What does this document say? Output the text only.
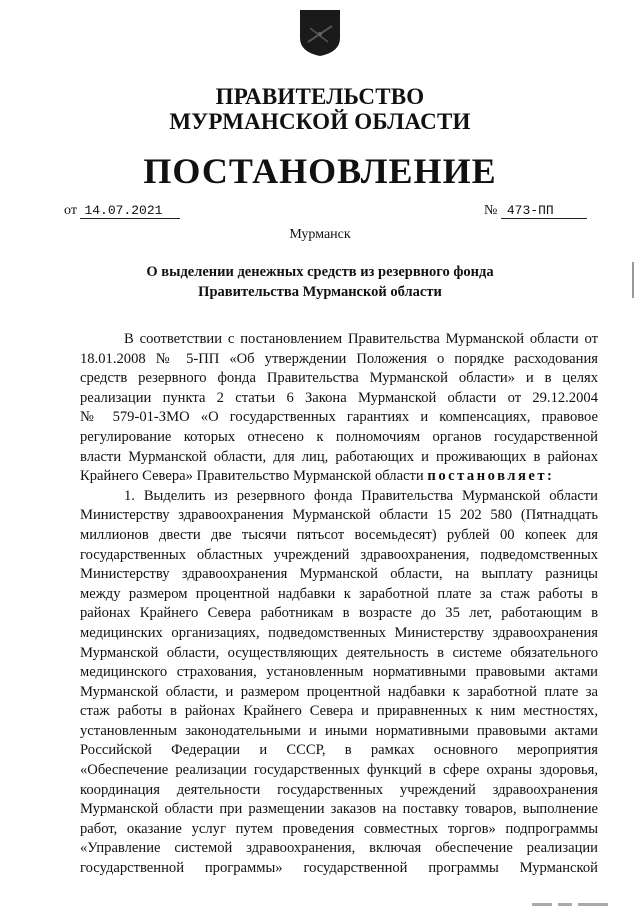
ПРАВИТЕЛЬСТВО
МУРМАНСКОЙ ОБЛАСТИ
ПОСТАНОВЛЕНИЕ
от 14.07.2021	№ 473-ПП
Мурманск
О выделении денежных средств из резервного фонда
Правительства Мурманской области
В соответствии с постановлением Правительства Мурманской области от
18.01.2008 № 5-ПП «Об утверждении Положения о порядке расходования
средств резервного фонда Правительства Мурманской области» и в целях
реализации пункта 2 статьи 6 Закона Мурманской области от 29.12.2004
№ 579-01-ЗМО «О государственных гарантиях и компенсациях, правовое
регулирование которых отнесено к полномочиям органов государственной
власти Мурманской области, для лиц, работающих и проживающих в районах
Крайнего Севера» Правительство Мурманской области постановляет:
1. Выделить из резервного фонда Правительства Мурманской области
Министерству здравоохранения Мурманской области 15 202 580 (Пятнадцать
миллионов двести две тысячи пятьсот восемьдесят) рублей 00 копеек для
государственных областных учреждений здравоохранения, подведомственных
Министерству здравоохранения Мурманской области, на выплату разницы
между размером процентной надбавки к заработной плате за стаж работы в
районах Крайнего Севера работникам в возрасте до 35 лет, работающим в
медицинских организациях, подведомственных Министерству здравоохранения
Мурманской области, осуществляющих деятельность в системе обязательного
медицинского страхования, установленным нормативными правовыми актами
Мурманской области, и размером процентной надбавки к заработной плате за
стаж работы в районах Крайнего Севера и приравненных к ним местностях,
установленным законодательными и иными нормативными правовыми актами
Российской Федерации и СССР, в рамках основного мероприятия
«Обеспечение реализации государственных функций в сфере охраны здоровья,
координация деятельности государственных учреждений здравоохранения
Мурманской области при размещении заказов на поставку товаров, выполнение
работ, оказание услуг путем проведения совместных торгов» подпрограммы
«Управление системой здравоохранения, включая обеспечение реализации
государственной программы» государственной программы Мурманской
